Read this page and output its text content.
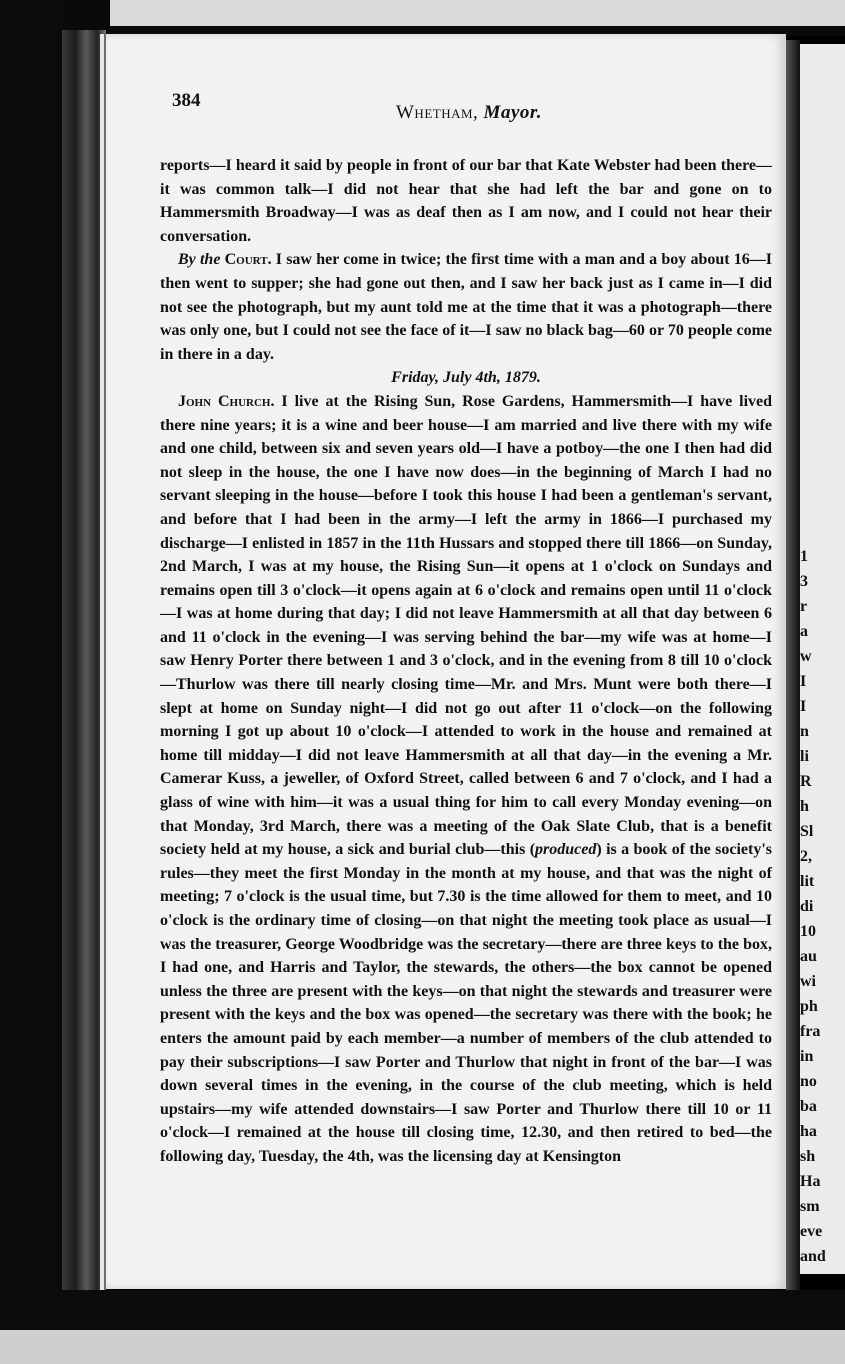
384
Whetham, Mayor.

reports—I heard it said by people in front of our bar that Kate Webster had been there—it was common talk—I did not hear that she had left the bar and gone on to Hammersmith Broadway—I was as deaf then as I am now, and I could not hear their conversation.

By the Court. I saw her come in twice; the first time with a man and a boy about 16—I then went to supper; she had gone out then, and I saw her back just as I came in—I did not see the photograph, but my aunt told me at the time that it was a photograph—there was only one, but I could not see the face of it—I saw no black bag—60 or 70 people come in there in a day.

Friday, July 4th, 1879.

John Church. I live at the Rising Sun, Rose Gardens, Hammersmith—I have lived there nine years; it is a wine and beer house—I am married and live there with my wife and one child, between six and seven years old—I have a potboy—the one I then had did not sleep in the house, the one I have now does—in the beginning of March I had no servant sleeping in the house—before I took this house I had been a gentleman's servant, and before that I had been in the army—I left the army in 1866—I purchased my discharge—I enlisted in 1857 in the 11th Hussars and stopped there till 1866—on Sunday, 2nd March, I was at my house, the Rising Sun—it opens at 1 o'clock on Sundays and remains open till 3 o'clock—it opens again at 6 o'clock and remains open until 11 o'clock—I was at home during that day; I did not leave Hammersmith at all that day between 6 and 11 o'clock in the evening—I was serving behind the bar—my wife was at home—I saw Henry Porter there between 1 and 3 o'clock, and in the evening from 8 till 10 o'clock—Thurlow was there till nearly closing time—Mr. and Mrs. Munt were both there—I slept at home on Sunday night—I did not go out after 11 o'clock—on the following morning I got up about 10 o'clock—I attended to work in the house and remained at home till midday—I did not leave Hammersmith at all that day—in the evening a Mr. Camerar Kuss, a jeweller, of Oxford Street, called between 6 and 7 o'clock, and I had a glass of wine with him—it was a usual thing for him to call every Monday evening—on that Monday, 3rd March, there was a meeting of the Oak Slate Club, that is a benefit society held at my house, a sick and burial club—this (produced) is a book of the society's rules—they meet the first Monday in the month at my house, and that was the night of meeting; 7 o'clock is the usual time, but 7.30 is the time allowed for them to meet, and 10 o'clock is the ordinary time of closing—on that night the meeting took place as usual—I was the treasurer, George Woodbridge was the secretary—there are three keys to the box, I had one, and Harris and Taylor, the stewards, the others—the box cannot be opened unless the three are present with the keys—on that night the stewards and treasurer were present with the keys and the box was opened—the secretary was there with the book; he enters the amount paid by each member—a number of members of the club attended to pay their subscriptions—I saw Porter and Thurlow that night in front of the bar—I was down several times in the evening, in the course of the club meeting, which is held upstairs—my wife attended downstairs—I saw Porter and Thurlow there till 10 or 11 o'clock—I remained at the house till closing time, 12.30, and then retired to bed—the following day, Tuesday, the 4th, was the licensing day at Kensington

1
3
r
a
w
I
I
n
li
R
h
Sl
2,
lit
di
10
au
wi
ph
fra
in
no
ba
ha
sh
Ha
sm
eve
and
